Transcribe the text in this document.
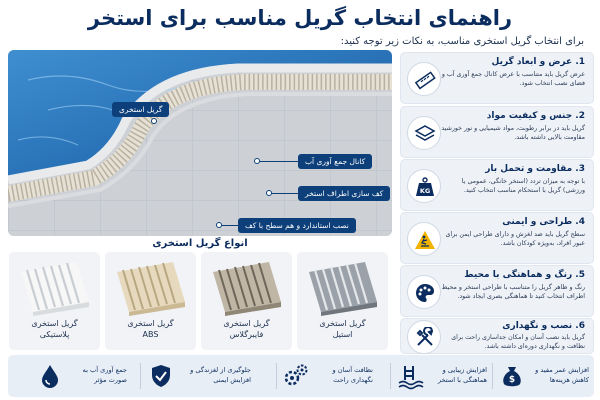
راهنمای انتخاب گریل مناسب برای استخر
برای انتخاب گریل استخری مناسب، به نکات زیر توجه کنید:
گریل استخری
کانال جمع آوری آب
کف سازی اطراف استخر
نصب استاندارد و هم سطح با کف
انواع گریل استخری
گریل استخری
استیل
گریل استخری
فایبرگلاس
گریل استخری
ABS
گریل استخری
پلاستیکی
1. عرض و ابعاد گریل
عرض گریل باید متناسب با عرض کانال جمع آوری آب و فضای نصب انتخاب شود.
2. جنس و کیفیت مواد
گریل باید در برابر رطوبت، مواد شیمیایی و نور خورشید مقاومت بالایی داشته باشد.
KG
3. مقاومت و تحمل بار
با توجه به میزان تردد (استخر خانگی، عمومی یا ورزشی) گریل با استحکام مناسب انتخاب کنید.
4. طراحی و ایمنی
سطح گریل باید ضد لغزش و دارای طراحی ایمن برای عبور افراد، به‌ویژه کودکان باشد.
5. رنگ و هماهنگی با محیط
رنگ و ظاهر گریل را متناسب با طراحی استخر و محیط اطراف انتخاب کنید تا هماهنگی بصری ایجاد شود.
6. نصب و نگهداری
گریل باید نصب آسان و امکان جداسازی راحت برای نظافت و نگهداری دوره‌ای داشته باشد.
$
افزایش عمر مفید و کاهش هزینه‌ها
افزایش زیبایی و هماهنگی با استخر
نظافت آسان و نگهداری راحت
جلوگیری از لغزندگی و افزایش ایمنی
جمع آوری آب به صورت مؤثر
